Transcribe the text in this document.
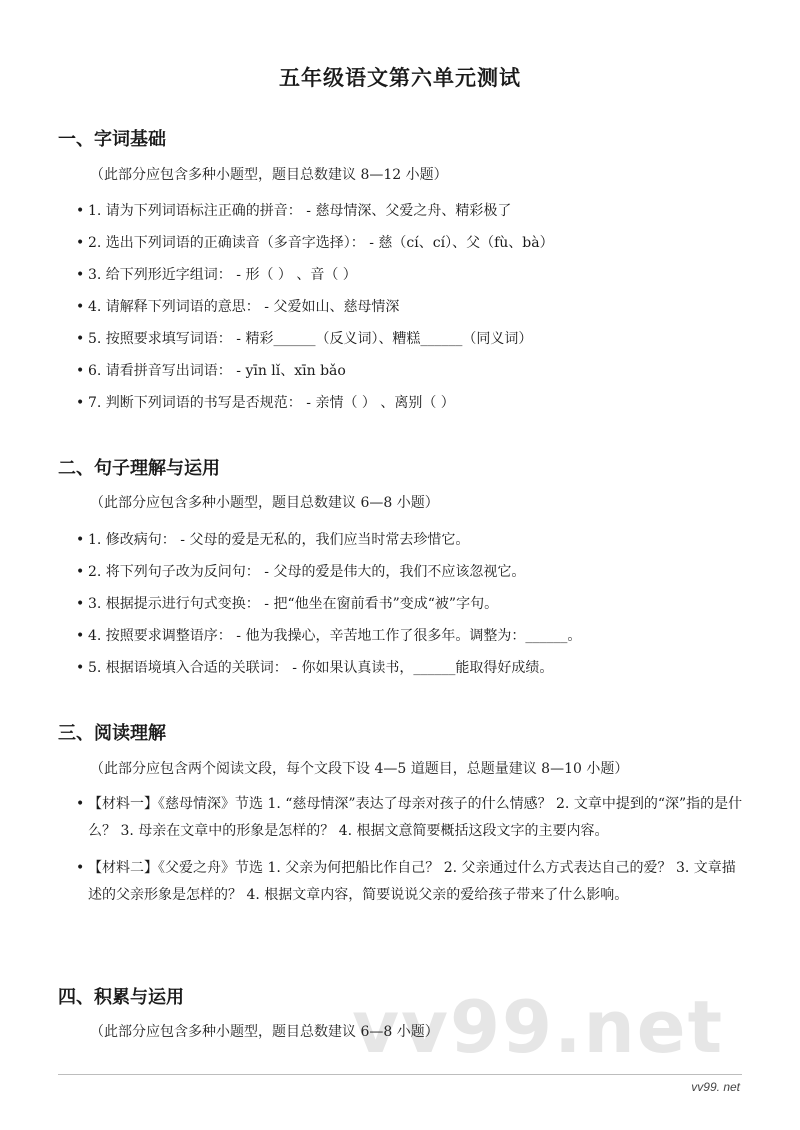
vv99.net
五年级语文第六单元测试
一、字词基础
（此部分应包含多种小题型，题目总数建议 8—12 小题）
• 1. 请为下列词语标注正确的拼音： - 慈母情深、父爱之舟、精彩极了
• 2. 选出下列词语的正确读音（多音字选择）： - 慈（cí、cí）、父（fù、bà）
• 3. 给下列形近字组词： - 形（ ） 、音（ ）
• 4. 请解释下列词语的意思： - 父爱如山、慈母情深
• 5. 按照要求填写词语： - 精彩______（反义词）、糟糕______（同义词）
• 6. 请看拼音写出词语： - yīn lǐ、xīn bǎo
• 7. 判断下列词语的书写是否规范： - 亲情（ ） 、离别（ ）
二、句子理解与运用
（此部分应包含多种小题型，题目总数建议 6—8 小题）
• 1. 修改病句： - 父母的爱是无私的，我们应当时常去珍惜它。
• 2. 将下列句子改为反问句： - 父母的爱是伟大的，我们不应该忽视它。
• 3. 根据提示进行句式变换： - 把“他坐在窗前看书”变成“被”字句。
• 4. 按照要求调整语序： - 他为我操心，辛苦地工作了很多年。调整为：______。
• 5. 根据语境填入合适的关联词： - 你如果认真读书，______能取得好成绩。
三、阅读理解
（此部分应包含两个阅读文段，每个文段下设 4—5 道题目，总题量建议 8—10 小题）
• 【材料一】《慈母情深》节选 1. “慈母情深”表达了母亲对孩子的什么情感？ 2. 文章中提到的“深”指的是什么？ 3. 母亲在文章中的形象是怎样的？ 4. 根据文意简要概括这段文字的主要内容。
• 【材料二】《父爱之舟》节选 1. 父亲为何把船比作自己？ 2. 父亲通过什么方式表达自己的爱？ 3. 文章描述的父亲形象是怎样的？ 4. 根据文章内容，简要说说父亲的爱给孩子带来了什么影响。
四、积累与运用
（此部分应包含多种小题型，题目总数建议 6—8 小题）
vv99. net
